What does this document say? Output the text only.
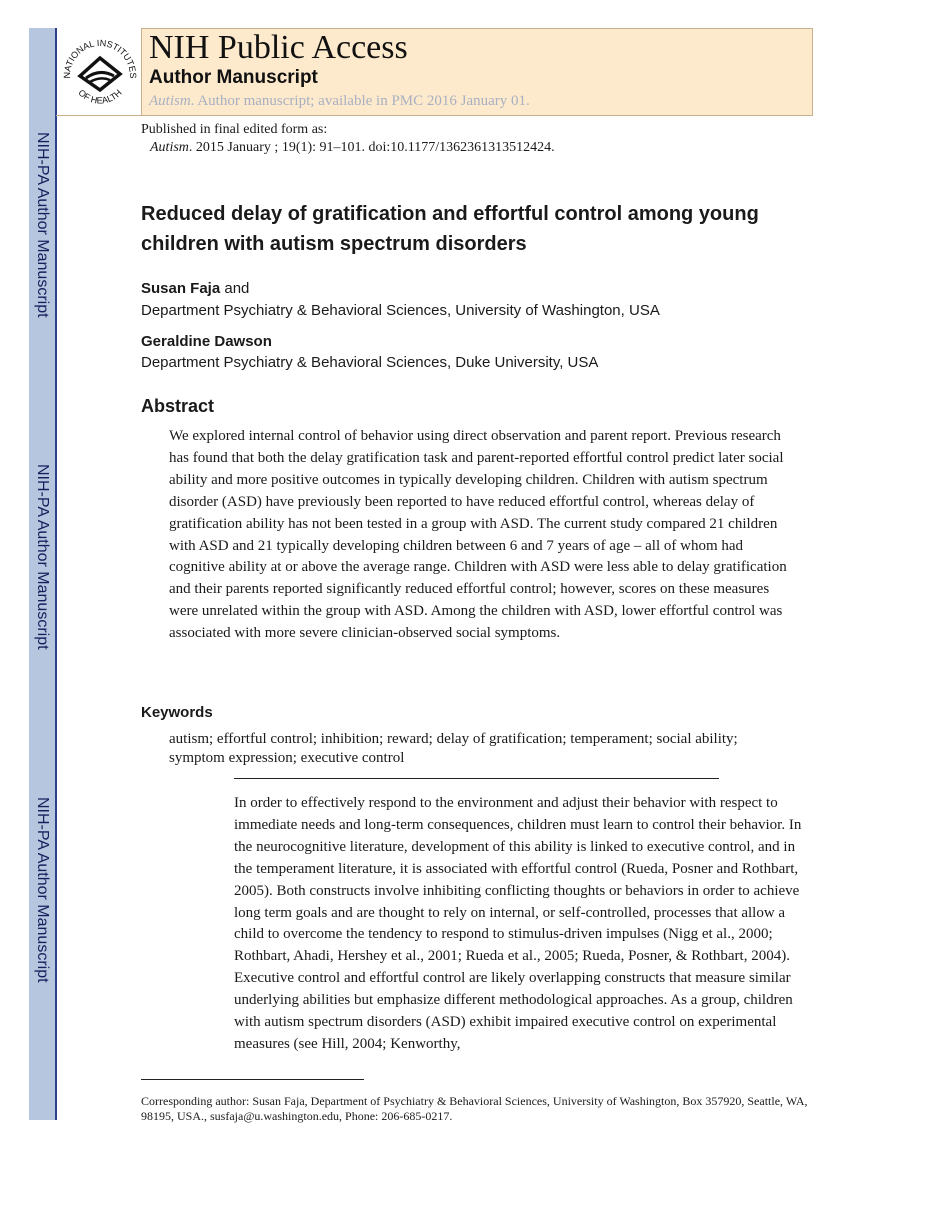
NIH-PA Author Manuscript
NIH-PA Author Manuscript
NIH-PA Author Manuscript
NATIONAL INSTITUTES
OF HEALTH
NIH Public Access
Author Manuscript
Autism. Author manuscript; available in PMC 2016 January 01.
Published in final edited form as:
Autism. 2015 January ; 19(1): 91–101. doi:10.1177/1362361313512424.
Reduced delay of gratification and effortful control among young children with autism spectrum disorders
Susan Faja and
Department Psychiatry & Behavioral Sciences, University of Washington, USA
Geraldine Dawson
Department Psychiatry & Behavioral Sciences, Duke University, USA
Abstract
We explored internal control of behavior using direct observation and parent report. Previous research has found that both the delay gratification task and parent-reported effortful control predict later social ability and more positive outcomes in typically developing children. Children with autism spectrum disorder (ASD) have previously been reported to have reduced effortful control, whereas delay of gratification ability has not been tested in a group with ASD. The current study compared 21 children with ASD and 21 typically developing children between 6 and 7 years of age – all of whom had cognitive ability at or above the average range. Children with ASD were less able to delay gratification and their parents reported significantly reduced effortful control; however, scores on these measures were unrelated within the group with ASD. Among the children with ASD, lower effortful control was associated with more severe clinician-observed social symptoms.
Keywords
autism; effortful control; inhibition; reward; delay of gratification; temperament; social ability; symptom expression; executive control
In order to effectively respond to the environment and adjust their behavior with respect to immediate needs and long-term consequences, children must learn to control their behavior. In the neurocognitive literature, development of this ability is linked to executive control, and in the temperament literature, it is associated with effortful control (Rueda, Posner and Rothbart, 2005). Both constructs involve inhibiting conflicting thoughts or behaviors in order to achieve long term goals and are thought to rely on internal, or self-controlled, processes that allow a child to overcome the tendency to respond to stimulus-driven impulses (Nigg et al., 2000; Rothbart, Ahadi, Hershey et al., 2001; Rueda et al., 2005; Rueda, Posner, & Rothbart, 2004). Executive control and effortful control are likely overlapping constructs that measure similar underlying abilities but emphasize different methodological approaches. As a group, children with autism spectrum disorders (ASD) exhibit impaired executive control on experimental measures (see Hill, 2004; Kenworthy,
Corresponding author: Susan Faja, Department of Psychiatry & Behavioral Sciences, University of Washington, Box 357920, Seattle, WA, 98195, USA., susfaja@u.washington.edu, Phone: 206-685-0217.
